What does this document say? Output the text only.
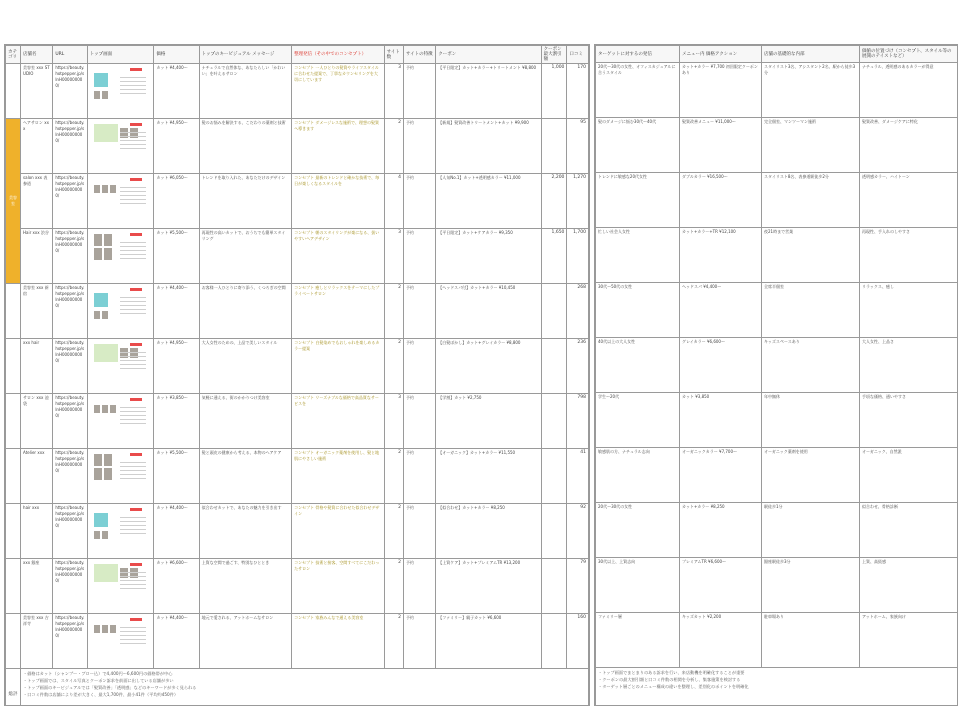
カテゴリ	店舗名	URL	トップ画面	価格	トップのキービジュアル メッセージ	整理発信（その中でのコンセプト）	サイト数	サイトの特徴	クーポン	クーポン 最大割引額	口コミ
	美容室 xxx STUDIO	https://beauty.hotpepper.jp/slnH000000000/		カット ¥4,400〜	ナチュラルで自然体な、あなたらしい「かわいい」を叶えるサロン	コンセプト 一人ひとりの髪質やライフスタイルに合わせた提案で、丁寧なカウンセリングを大切にしています	3	予約	【平日限定】カット+カラー+トリートメント ¥8,800	1,000	170
美容室	ヘアサロン xxx	https://beauty.hotpepper.jp/slnH000000000/		カット ¥4,950〜	髪のお悩みを解決する、こだわりの薬剤と技術	コンセプト ダメージレスな施術で、理想の髪質へ導きます	2	予約	【新規】髪質改善トリートメント+カット ¥9,900		95
	salon xxx 表参道	https://beauty.hotpepper.jp/slnH000000000/		カット ¥6,050〜	トレンドを取り入れた、あなただけのデザイン	コンセプト 最新のトレンドと確かな技術で、毎日が楽しくなるスタイルを	4	予約	【人気No.1】カット+透明感カラー ¥11,000	2,200	1,270
	Hair xxx 渋谷	https://beauty.hotpepper.jp/slnH000000000/		カット ¥5,500〜	再現性の高いカットで、おうちでも簡単スタイリング	コンセプト 朝のスタイリングが楽になる、扱いやすいヘアデザイン	3	予約	【平日限定】カット+ケアカラー ¥9,350	1,650	1,700
	美容室 xxx 新宿	https://beauty.hotpepper.jp/slnH000000000/		カット ¥4,400〜	お客様一人ひとりに寄り添う、くつろぎの空間	コンセプト 癒しとリラックスをテーマにしたプライベートサロン	2	予約	【ヘッドスパ付】カット+カラー ¥10,450		268
	xxx hair	https://beauty.hotpepper.jp/slnH000000000/		カット ¥4,950〜	大人女性のための、上品で美しいスタイル	コンセプト 白髪染めでもおしゃれを楽しめるカラー提案	2	予約	【白髪ぼかし】カット+グレイカラー ¥8,800		236
	サロン xxx 池袋	https://beauty.hotpepper.jp/slnH000000000/		カット ¥3,850〜	気軽に通える、街のかかりつけ美容室	コンセプト リーズナブルな価格で高品質なサービスを	3	予約	【学割】カット ¥2,750		798
	Atelier xxx	https://beauty.hotpepper.jp/slnH000000000/		カット ¥5,500〜	髪と頭皮の健康から考える、本物のヘアケア	コンセプト オーガニック薬剤を使用し、髪と地肌にやさしい施術	2	予約	【オーガニック】カット+カラー ¥11,550		41
	hair xxx	https://beauty.hotpepper.jp/slnH000000000/		カット ¥4,400〜	似合わせカットで、あなたの魅力を引き出す	コンセプト 骨格や髪質に合わせた似合わせデザイン	2	予約	【似合わせ】カット+カラー ¥8,250		92
	xxx 銀座	https://beauty.hotpepper.jp/slnH000000000/		カット ¥6,600〜	上質な空間で過ごす、特別なひととき	コンセプト 技術と接客、空間すべてにこだわったサロン	2	予約	【上質ケア】カット+プレミアムTR ¥13,200		79
	美容室 xxx 吉祥寺	https://beauty.hotpepper.jp/slnH000000000/		カット ¥4,400〜	地元で愛される、アットホームなサロン	コンセプト 家族みんなで通える美容室	2	予約	【ファミリー】親子カット ¥6,600		160
総評	・価格はカット（シャンプー・ブロー込）で4,400円〜6,600円の価格帯が中心
・トップ画面では、スタイル写真とクーポン訴求を前面に出している店舗が多い
・トップ画面のキービジュアルでは「髪質改善」「透明感」などのキーワードが多く見られる
・口コミ件数は店舗により差が大きく、最大1,700件、最小41件（平均約450件）										
ターゲットに対するの発信	メニュー内 価格アクション	店舗の基礎的な内部	価値の位置づけ（コンセプト、スタイル等の展開のテイストなど）
20代〜30代の女性、オフィスカジュアルに合うスタイル	カット+カラー ¥7,700 初回限定クーポンあり	スタイリスト3名、アシスタント2名、駅から徒歩3分	ナチュラル、透明感のあるカラーが得意
髪のダメージに悩む30代〜40代	髪質改善メニュー ¥11,000〜	完全個室、マンツーマン施術	髪質改善、ダメージケアに特化
トレンドに敏感な20代女性	ダブルカラー ¥16,500〜	スタイリスト8名、表参道駅徒歩2分	透明感カラー、ハイトーン
忙しい社会人女性	カット+カラー+TR ¥12,100	夜21時まで営業	再現性、手入れのしやすさ
30代〜50代の女性	ヘッドスパ ¥4,400〜	全席半個室	リラックス、癒し
40代以上の大人女性	グレイカラー ¥6,600〜	キッズスペースあり	大人女性、上品さ
学生〜20代	カット ¥3,850	年中無休	手頃な価格、通いやすさ
敏感肌の方、ナチュラル志向	オーガニックカラー ¥7,700〜	オーガニック薬剤を使用	オーガニック、自然派
20代〜30代の女性	カット+カラー ¥8,250	駅徒歩1分	似合わせ、骨格診断
30代以上、上質志向	プレミアムTR ¥6,600〜	銀座駅徒歩3分	上質、高級感
ファミリー層	キッズカット ¥2,200	駐車場あり	アットホーム、家族向け

・トップ画面でまとまりのある訴求を行い、来店動機を明確化することが重要
・クーポンの最大割引額と口コミ件数の相関を分析し、集客施策を検討する
・ターゲット層ごとのメニュー構成の違いを整理し、差別化のポイントを明確化			
